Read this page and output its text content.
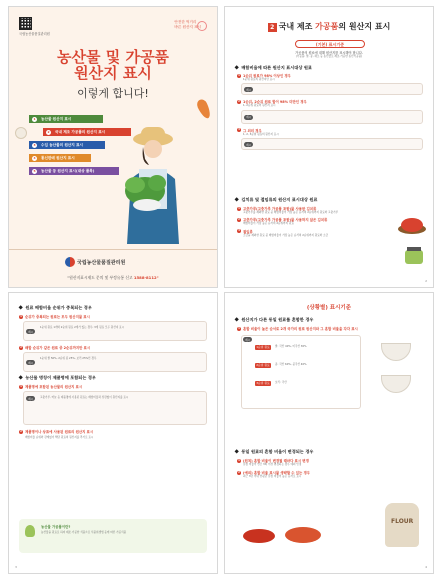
국립농산물품질관리원
안전한 먹거리
바른 원산지 표시
농산물 및 가공품
원산지 표시
이렇게 합니다!
1	농산물 원산지 표시
2	국내 제조 가공품의 원산지 표시
3	수입 농산물의 원산지 표시
4	통신판매 원산지 표시
5	농산물 등 원산지 표시(대상 품목)
국립농산물품질관리원
"원산지표시제도 문의 및 부정유통 신고 1588-8112"
2 국내 제조 가공품의 원산지 표시
(기본) 표시기준
가공품의 원료에 대해 원산지를 표시해야 합니다.
(가공품: 쌀, 콩, 채소 등 농산물로 제조·가공한 농산가공품)
배합비율에 따른 원산지 표시대상 원료
1 1순위 원료가 98% 이상인 경우
1순위 원료의 원산지만 표시
예시
2 1순위, 2순위 원료 합이 98% 미만인 경우
1, 2순위 원료의 원산지 표시
예시
3 그 외의 경우
1, 2, 3순위 원료의 원산지 표시
예시
김치류 및 절임류의 원산지 표시대상 원료
1 고춧가루(고춧가루 가공품 포함)를 사용한 김치류
고춧가루를 제외한 원료 중 배합비율이 가장 높은 순서의 2순위까지 원료와 고춧가루
2 고춧가루(고춧가루 가공품 포함)를 사용하지 않은 김치류
배합비율이 가장 높은 순서의 2순위까지 원료
3 절임류
소금을 제외한 원료 중 배합비율이 가장 높은 순서의 2순위까지 원료와 소금
2
원료 배합비율 순위가 중복되는 경우
1 순위가 중복되는 원료는 모두 원산지를 표시
예시
1순위 원료 1개와 2순위 원료 2개가 있는 경우: 3개 원료 모두 원산지 표시
2 배합 순위가 같은 원료 중 2순위까지만 표시
예시
1순위 쌀 50%, 2순위 콩 25%, 보리 25%인 경우
농산물 명칭이 제품명에 포함되는 경우
1 제품명에 포함된 농산물의 원산지 표시
예시	고춧가루, 마늘 등 제품명에 사용된 원료는 배합비율과 상관없이 원산지를 표시
2 제품명이나 상표에 사용된 원료의 원산지 표시
배합비율 순위와 관계없이 해당 원료의 원산지를 추가로 표시
농산물 가공품이란?
농산물을 원료로 하여 제조·가공한 식품으로 식품위생법 등에 따른 가공식품
3
(상황별) 표시기준
원산지가 다른 동일 원료를 혼합한 경우
1 혼합 비율이 높은 순서로 2개 국가의 원료 원산지와 그 혼합 비율을 각각 표시
예시
1순위 원료	쌀: 국산 40%, 미국산 30%
2순위 원료	콩: 국산 60%, 중국산 40%
3순위 원료	보리: 국산
동일 원료의 혼합 비율이 변경되는 경우
1 (원칙) 혼합 비율이 변경될 때마다 표시 변경
혼합 비율이 연간 3회 이상 변경되는 경우 예외 인정
2 (예외) 혼합 비율 표시를 생략할 수 있는 경우
최근 3년 이내 연평균 혼합 비율이 높은 순서로 표시
FLOUR
4
